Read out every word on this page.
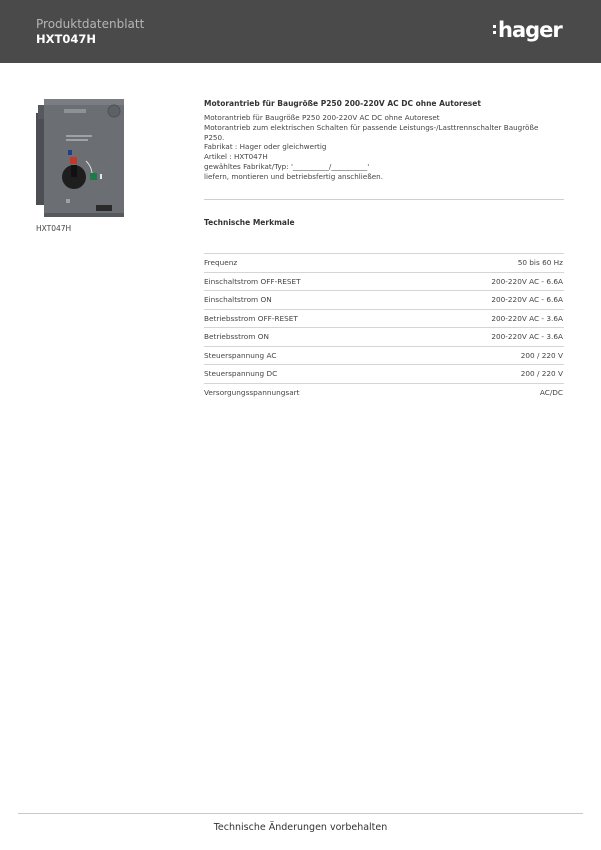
Produktdatenblatt
HXT047H	hager
HXT047H
Motorantrieb für Baugröße P250 200-220V AC DC ohne Autoreset
Motorantrieb für Baugröße P250 200-220V AC DC ohne Autoreset
Motorantrieb zum elektrischen Schalten für passende Leistungs-/Lasttrennschalter Baugröße
P250.
Fabrikat : Hager oder gleichwertig
Artikel : HXT047H
gewähltes Fabrikat/Typ: '__________/__________'
liefern, montieren und betriebsfertig anschließen.
Technische Merkmale
Frequenz	50 bis 60 Hz
Einschaltstrom OFF-RESET	200-220V AC - 6.6A
Einschaltstrom ON	200-220V AC - 6.6A
Betriebsstrom OFF-RESET	200-220V AC - 3.6A
Betriebsstrom ON	200-220V AC - 3.6A
Steuerspannung AC	200 / 220 V
Steuerspannung DC	200 / 220 V
Versorgungsspannungsart	AC/DC
Technische Änderungen vorbehalten
